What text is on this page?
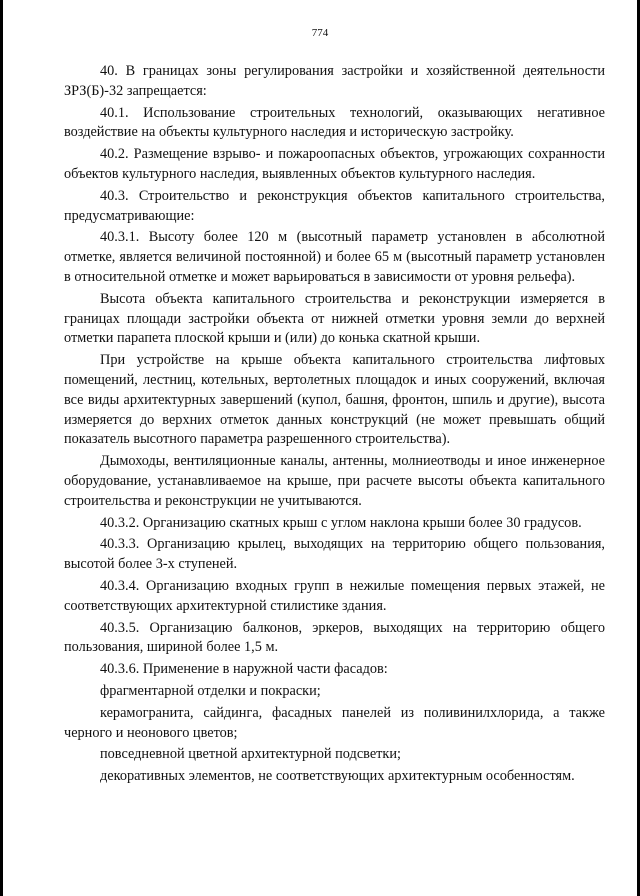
774

40. В границах зоны регулирования застройки и хозяйственной деятельности ЗРЗ(Б)-32 запрещается:

40.1. Использование строительных технологий, оказывающих негативное воздействие на объекты культурного наследия и историческую застройку.

40.2. Размещение взрыво- и пожароопасных объектов, угрожающих сохранности объектов культурного наследия, выявленных объектов культурного наследия.

40.3. Строительство и реконструкция объектов капитального строительства, предусматривающие:

40.3.1. Высоту более 120 м (высотный параметр установлен в абсолютной отметке, является величиной постоянной) и более 65 м (высотный параметр установлен в относительной отметке и может варьироваться в зависимости от уровня рельефа).

Высота объекта капитального строительства и реконструкции измеряется в границах площади застройки объекта от нижней отметки уровня земли до верхней отметки парапета плоской крыши и (или) до конька скатной крыши.

При устройстве на крыше объекта капитального строительства лифтовых помещений, лестниц, котельных, вертолетных площадок и иных сооружений, включая все виды архитектурных завершений (купол, башня, фронтон, шпиль и другие), высота измеряется до верхних отметок данных конструкций (не может превышать общий показатель высотного параметра разрешенного строительства).

Дымоходы, вентиляционные каналы, антенны, молниеотводы и иное инженерное оборудование, устанавливаемое на крыше, при расчете высоты объекта капитального строительства и реконструкции не учитываются.

40.3.2. Организацию скатных крыш с углом наклона крыши более 30 градусов.

40.3.3. Организацию крылец, выходящих на территорию общего пользования, высотой более 3-х ступеней.

40.3.4. Организацию входных групп в нежилые помещения первых этажей, не соответствующих архитектурной стилистике здания.

40.3.5. Организацию балконов, эркеров, выходящих на территорию общего пользования, шириной более 1,5 м.

40.3.6. Применение в наружной части фасадов:

фрагментарной отделки и покраски;

керамогранита, сайдинга, фасадных панелей из поливинилхлорида, а также черного и неонового цветов;

повседневной цветной архитектурной подсветки;

декоративных элементов, не соответствующих архитектурным особенностям.
